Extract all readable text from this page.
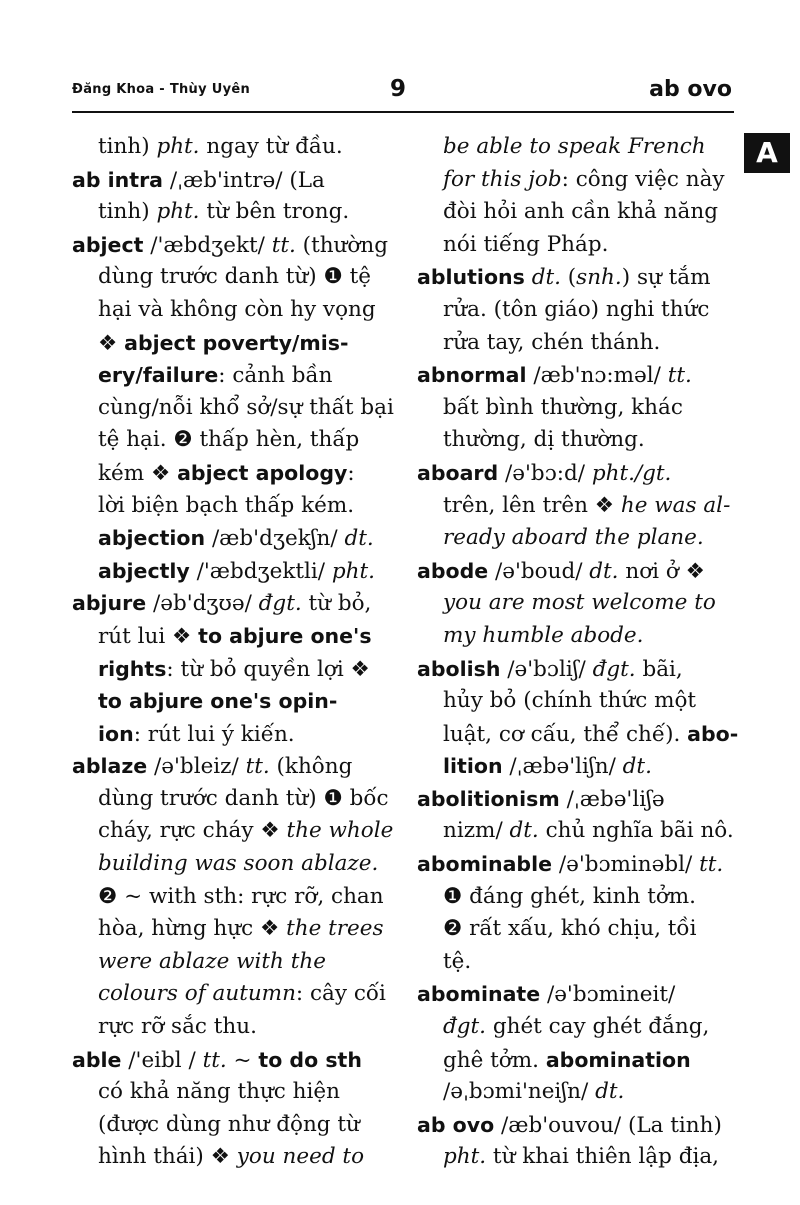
Đăng Khoa - Thùy Uyên	9	ab ovo
A
tinh) pht. ngay từ đầu.
ab intra /ˌæb'intrə/ (La
tinh) pht. từ bên trong.
abject /'æbdʒekt/ tt. (thường
dùng trước danh từ) ❶ tệ
hại và không còn hy vọng
❖ abject poverty/mis-
ery/failure: cảnh bần
cùng/nỗi khổ sở/sự thất bại
tệ hại. ❷ thấp hèn, thấp
kém ❖ abject apology:
lời biện bạch thấp kém.
abjection /æb'dʒekʃn/ dt.
abjectly /'æbdʒektli/ pht.
abjure /əb'dʒʊə/ đgt. từ bỏ,
rút lui ❖ to abjure one's
rights: từ bỏ quyền lợi ❖
to abjure one's opin-
ion: rút lui ý kiến.
ablaze /ə'bleiz/ tt. (không
dùng trước danh từ) ❶ bốc
cháy, rực cháy ❖ the whole
building was soon ablaze.
❷ ~ with sth: rực rỡ, chan
hòa, hừng hực ❖ the trees
were ablaze with the
colours of autumn: cây cối
rực rỡ sắc thu.
able /'eibl / tt. ~ to do sth
có khả năng thực hiện
(được dùng như động từ
hình thái) ❖ you need to
be able to speak French
for this job: công việc này
đòi hỏi anh cần khả năng
nói tiếng Pháp.
ablutions dt. (snh.) sự tắm
rửa. (tôn giáo) nghi thức
rửa tay, chén thánh.
abnormal /æb'nɔ:məl/ tt.
bất bình thường, khác
thường, dị thường.
aboard /ə'bɔ:d/ pht./gt.
trên, lên trên ❖ he was al-
ready aboard the plane.
abode /ə'boud/ dt. nơi ở ❖
you are most welcome to
my humble abode.
abolish /ə'bɔliʃ/ đgt. bãi,
hủy bỏ (chính thức một
luật, cơ cấu, thể chế). abo-
lition /ˌæbə'liʃn/ dt.
abolitionism /ˌæbə'liʃə
nizm/ dt. chủ nghĩa bãi nô.
abominable /ə'bɔminəbl/ tt.
❶ đáng ghét, kinh tởm.
❷ rất xấu, khó chịu, tồi
tệ.
abominate /ə'bɔmineit/
đgt. ghét cay ghét đắng,
ghê tởm. abomination
/əˌbɔmi'neiʃn/ dt.
ab ovo /æb'ouvou/ (La tinh)
pht. từ khai thiên lập địa,
